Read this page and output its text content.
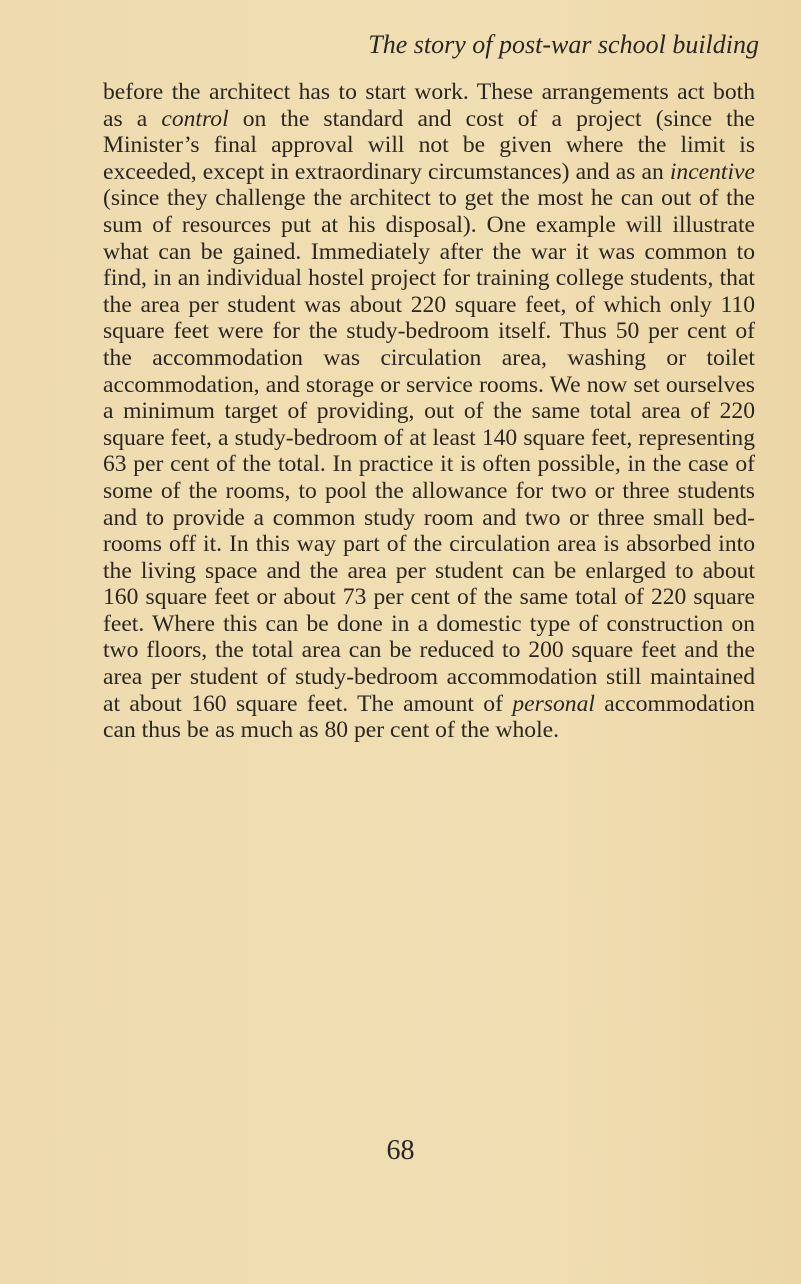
The story of post-war school building

before the architect has to start work. These arrangements act both as a control on the standard and cost of a project (since the Minister’s final approval will not be given where the limit is exceeded, except in extraordinary circumstances) and as an incentive (since they challenge the architect to get the most he can out of the sum of resources put at his disposal). One example will illustrate what can be gained. Immediately after the war it was common to find, in an individual hostel project for training college students, that the area per student was about 220 square feet, of which only 110 square feet were for the study-bedroom itself. Thus 50 per cent of the accommodation was circulation area, washing or toilet accommodation, and storage or service rooms. We now set ourselves a minimum target of providing, out of the same total area of 220 square feet, a study-bedroom of at least 140 square feet, representing 63 per cent of the total. In practice it is often possible, in the case of some of the rooms, to pool the allowance for two or three students and to provide a common study room and two or three small bed-rooms off it. In this way part of the circulation area is absorbed into the living space and the area per student can be enlarged to about 160 square feet or about 73 per cent of the same total of 220 square feet. Where this can be done in a domestic type of construction on two floors, the total area can be reduced to 200 square feet and the area per student of study-bedroom accommodation still maintained at about 160 square feet. The amount of personal accommodation can thus be as much as 80 per cent of the whole.

68
